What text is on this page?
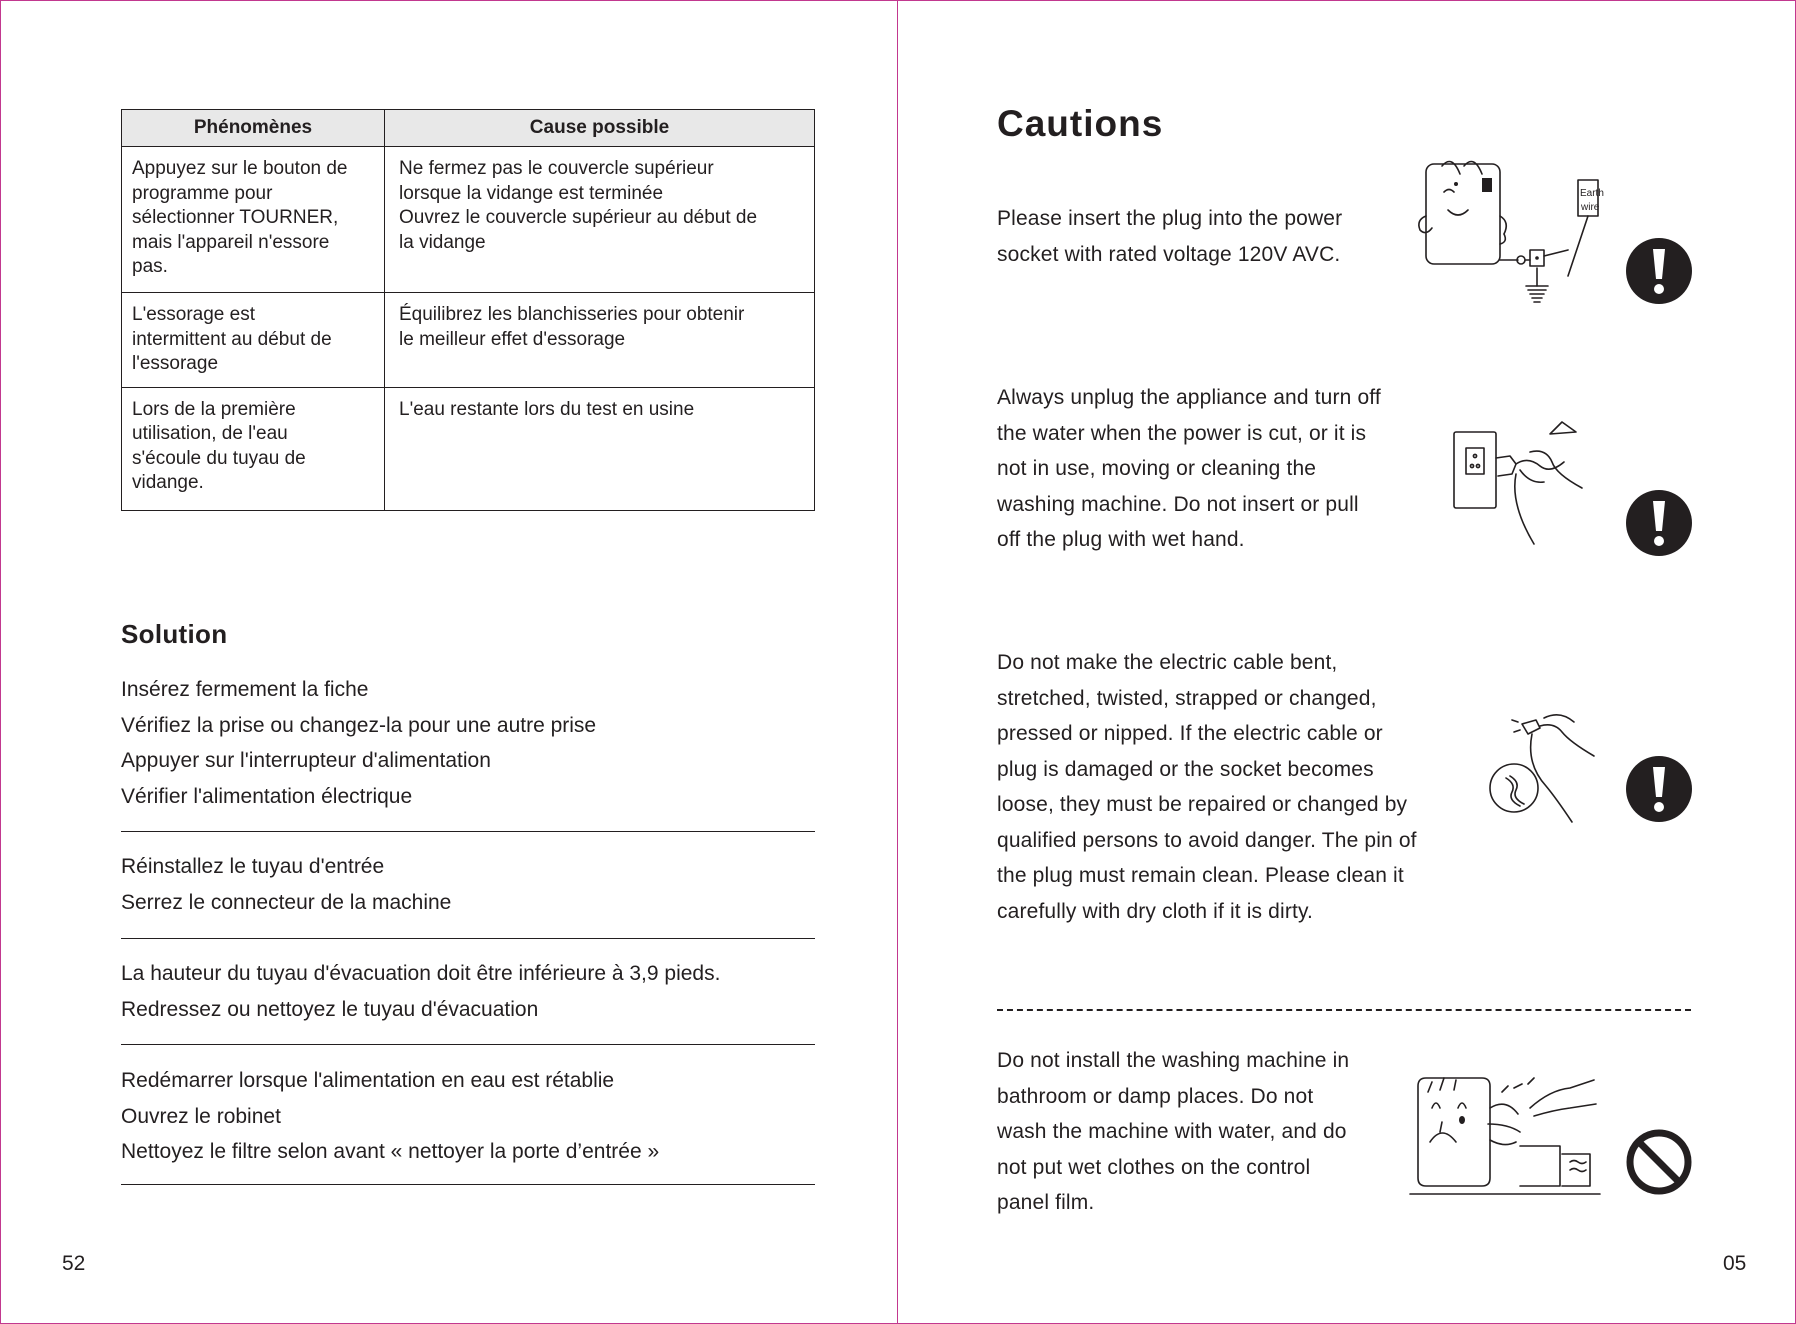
Phénomènes	Cause possible

Appuyez sur le bouton de
programme pour
sélectionner TOURNER,
mais l'appareil n'essore
pas.	Ne fermez pas le couvercle supérieur
lorsque la vidange est terminée
Ouvrez le couvercle supérieur au début de
la vidange

L'essorage est
intermittent au début de
l'essorage	Équilibrez les blanchisseries pour obtenir
le meilleur effet d'essorage

Lors de la première
utilisation, de l'eau
s'écoule du tuyau de
vidange.	L'eau restante lors du test en usine
Solution
Insérez fermement la fiche
Vérifiez la prise ou changez-la pour une autre prise
Appuyer sur l'interrupteur d'alimentation
Vérifier l'alimentation électrique
Réinstallez le tuyau d'entrée
Serrez le connecteur de la machine
La hauteur du tuyau d'évacuation doit être inférieure à 3,9 pieds.
Redressez ou nettoyez le tuyau d'évacuation
Redémarrer lorsque l'alimentation en eau est rétablie
Ouvrez le robinet
Nettoyez le filtre selon avant « nettoyer la porte d’entrée »
52
Cautions
Please insert the plug into the power
socket with rated voltage 120V AVC.
Earth
wire
Always unplug the appliance and turn off
the water when the power is cut, or it is
not in use, moving or cleaning the
washing machine. Do not insert or pull
off the plug with wet hand.
Do not make the electric cable bent,
stretched, twisted, strapped or changed,
pressed or nipped. If the electric cable or
plug is damaged or the socket becomes
loose, they must be repaired or changed by
qualified persons to avoid danger. The pin of
the plug must remain clean. Please clean it
carefully with dry cloth if it is dirty.
Do not install the washing machine in
bathroom or damp places. Do not
wash the machine with water, and do
not put wet clothes on the control
panel film.
05
